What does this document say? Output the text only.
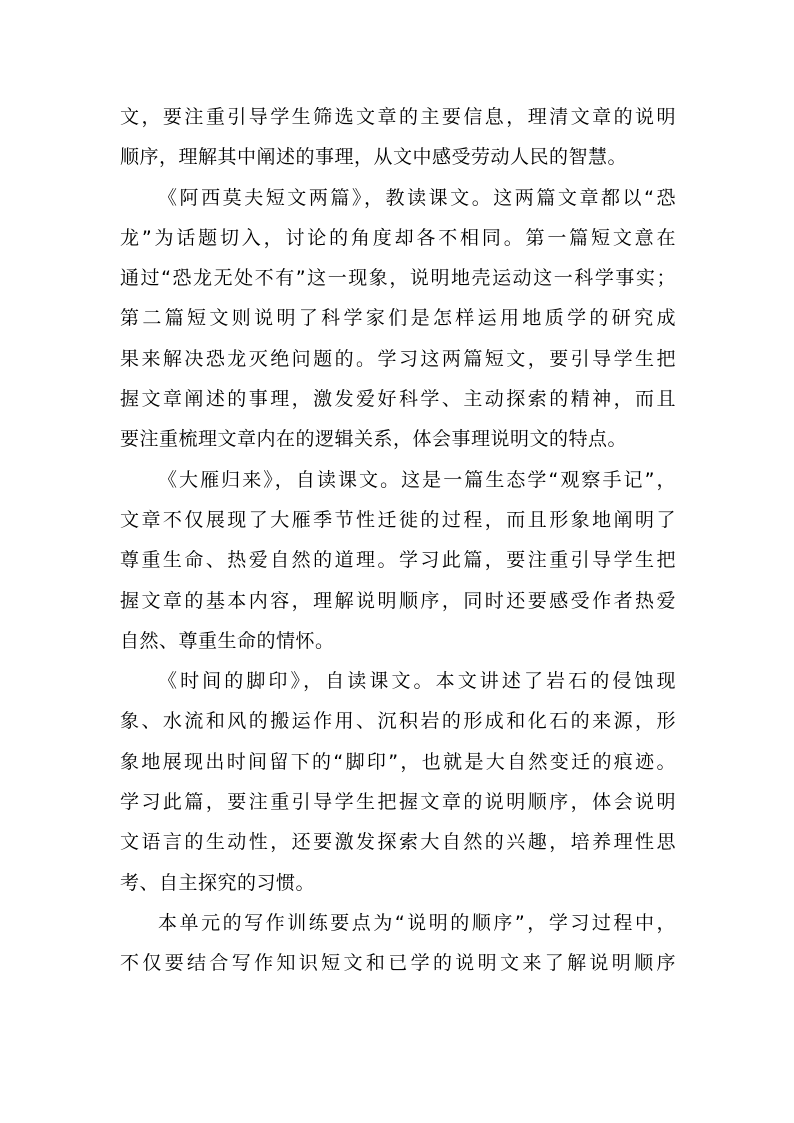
文，要注重引导学生筛选文章的主要信息，理清文章的说明
顺序，理解其中阐述的事理，从文中感受劳动人民的智慧。
《阿西莫夫短文两篇》，教读课文。这两篇文章都以“恐
龙”为话题切入，讨论的角度却各不相同。第一篇短文意在
通过“恐龙无处不有”这一现象，说明地壳运动这一科学事实；
第二篇短文则说明了科学家们是怎样运用地质学的研究成
果来解决恐龙灭绝问题的。学习这两篇短文，要引导学生把
握文章阐述的事理，激发爱好科学、主动探索的精神，而且
要注重梳理文章内在的逻辑关系，体会事理说明文的特点。
《大雁归来》，自读课文。这是一篇生态学“观察手记”，
文章不仅展现了大雁季节性迁徙的过程，而且形象地阐明了
尊重生命、热爱自然的道理。学习此篇，要注重引导学生把
握文章的基本内容，理解说明顺序，同时还要感受作者热爱
自然、尊重生命的情怀。
《时间的脚印》，自读课文。本文讲述了岩石的侵蚀现
象、水流和风的搬运作用、沉积岩的形成和化石的来源，形
象地展现出时间留下的“脚印”，也就是大自然变迁的痕迹。
学习此篇，要注重引导学生把握文章的说明顺序，体会说明
文语言的生动性，还要激发探索大自然的兴趣，培养理性思
考、自主探究的习惯。
本单元的写作训练要点为“说明的顺序”，学习过程中，
不仅要结合写作知识短文和已学的说明文来了解说明顺序
